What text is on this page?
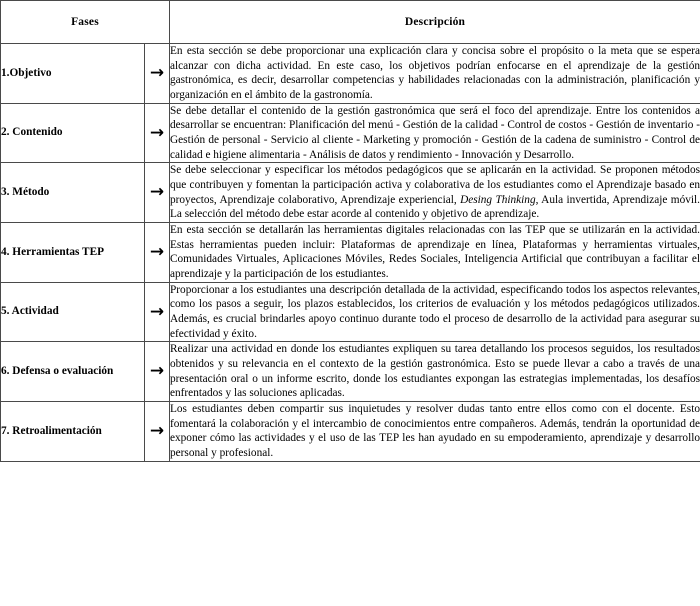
Fases		Descripción
1.Objetivo	→	En esta sección se debe proporcionar una explicación clara y concisa sobre el propósito o la meta que se espera alcanzar con dicha actividad. En este caso, los objetivos podrían enfocarse en el aprendizaje de la gestión gastronómica, es decir, desarrollar competencias y habilidades relacionadas con la administración, planificación y organización en el ámbito de la gastronomía.

2. Contenido	→	Se debe detallar el contenido de la gestión gastronómica que será el foco del aprendizaje. Entre los contenidos a desarrollar se encuentran: Planificación del menú - Gestión de la calidad - Control de costos - Gestión de inventario - Gestión de personal - Servicio al cliente - Marketing y promoción - Gestión de la cadena de suministro - Control de calidad e higiene alimentaria - Análisis de datos y rendimiento - Innovación y Desarrollo.

3. Método	→	Se debe seleccionar y especificar los métodos pedagógicos que se aplicarán en la actividad. Se proponen métodos que contribuyen y fomentan la participación activa y colaborativa de los estudiantes como el Aprendizaje basado en proyectos, Aprendizaje colaborativo, Aprendizaje experiencial, Desing Thinking, Aula invertida, Aprendizaje móvil. La selección del método debe estar acorde al contenido y objetivo de aprendizaje.

4. Herramientas TEP	→	En esta sección se detallarán las herramientas digitales relacionadas con las TEP que se utilizarán en la actividad. Estas herramientas pueden incluir: Plataformas de aprendizaje en línea, Plataformas y herramientas virtuales, Comunidades Virtuales, Aplicaciones Móviles, Redes Sociales, Inteligencia Artificial que contribuyan a facilitar el aprendizaje y la participación de los estudiantes.

5. Actividad	→	Proporcionar a los estudiantes una descripción detallada de la actividad, especificando todos los aspectos relevantes, como los pasos a seguir, los plazos establecidos, los criterios de evaluación y los métodos pedagógicos utilizados. Además, es crucial brindarles apoyo continuo durante todo el proceso de desarrollo de la actividad para asegurar su efectividad y éxito.

6. Defensa o evaluación	→	Realizar una actividad en donde los estudiantes expliquen su tarea detallando los procesos seguidos, los resultados obtenidos y su relevancia en el contexto de la gestión gastronómica. Esto se puede llevar a cabo a través de una presentación oral o un informe escrito, donde los estudiantes expongan las estrategias implementadas, los desafíos enfrentados y las soluciones aplicadas.

7. Retroalimentación	→	Los estudiantes deben compartir sus inquietudes y resolver dudas tanto entre ellos como con el docente. Esto fomentará la colaboración y el intercambio de conocimientos entre compañeros. Además, tendrán la oportunidad de exponer cómo las actividades y el uso de las TEP les han ayudado en su empoderamiento, aprendizaje y desarrollo personal y profesional.
